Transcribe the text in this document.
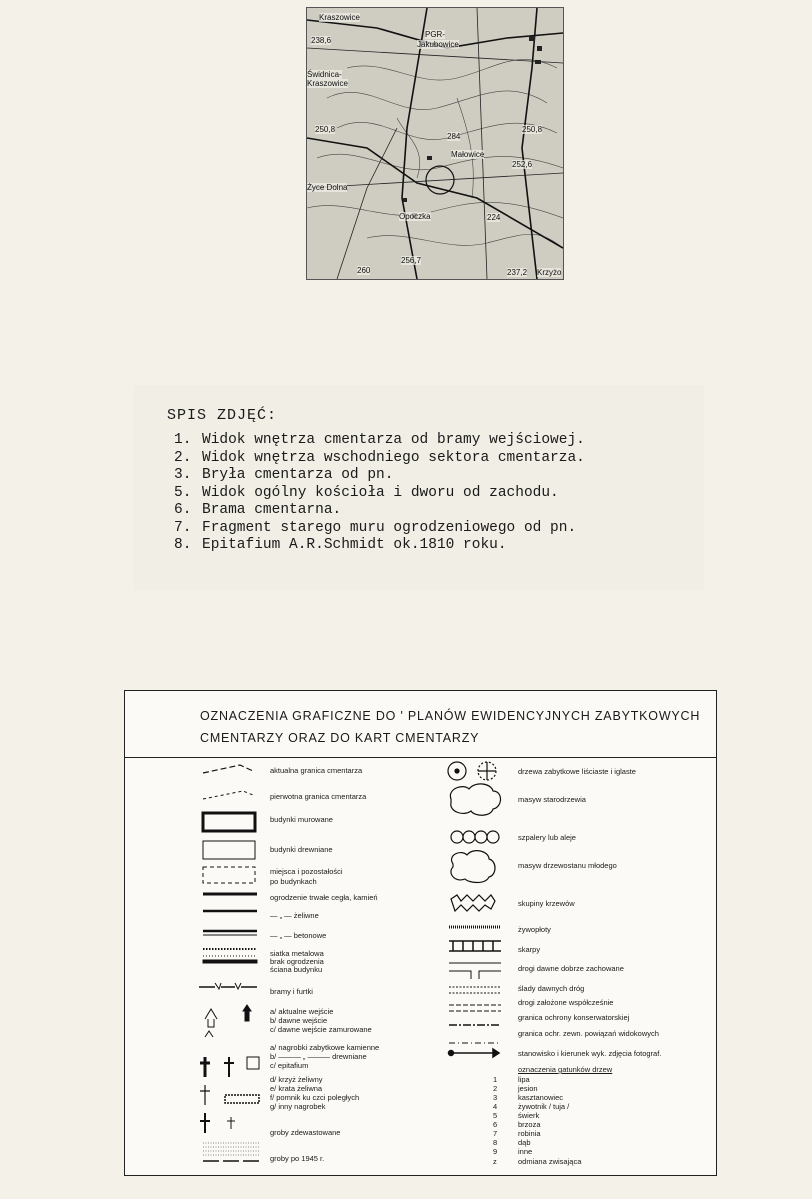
Kraszowice
PGR-
Jakubowice
Świdnica-
Kraszowice
238,6
250,8	250,8
Małowice
Życe Dolna
Opoczka
256,7
237,2 Krzyżo
224
252,6
284
260
SPIS ZDJĘĆ:
1. Widok wnętrza cmentarza od bramy wejściowej.
2. Widok wnętrza wschodniego sektora cmentarza.
3. Bryła cmentarza od pn.
5. Widok ogólny kościoła i dworu od zachodu.
6. Brama cmentarna.
7. Fragment starego muru ogrodzeniowego od pn.
8. Epitafium A.R.Schmidt ok.1810 roku.
OZNACZENIA GRAFICZNE DO ' PLANÓW EWIDENCYJNYCH ZABYTKOWYCH
CMENTARZY ORAZ DO KART CMENTARZY
aktualna granica cmentarza
pierwotna granica cmentarza
budynki murowane
budynki drewniane
miejsca i pozostałości
po budynkach
ogrodzenie trwałe cegła, kamień
— „ — żeliwne
— „ — betonowe
siatka metalowa
brak ogrodzenia
ściana budynku
bramy i furtki
a/ aktualne wejście
b/ dawne wejście
c/ dawne wejście zamurowane
a/ nagrobki zabytkowe kamienne
b/ ——— „ ——— drewniane
c/ epitafium
d/ krzyż żeliwny
e/ krata żeliwna
f/ pomnik ku czci poległych
g/ inny nagrobek
groby zdewastowane
groby po 1945 r.
drzewa zabytkowe liściaste i iglaste
masyw starodrzewia
szpalery lub aleje
masyw drzewostanu młodego
skupiny krzewów
żywopłoty
skarpy
drogi dawne dobrze zachowane
ślady dawnych dróg
drogi założone współcześnie
granica ochrony konserwatorskiej
granica ochr. zewn. powiązań widokowych
stanowisko i kierunek wyk. zdjęcia fotograf.
oznaczenia gatunków drzew
1	lipa
2	jesion
3	kasztanowiec
4	żywotnik / tuja /
5	świerk
6	brzoza
7	robinia
8	dąb
9	inne
z	odmiana zwisająca
